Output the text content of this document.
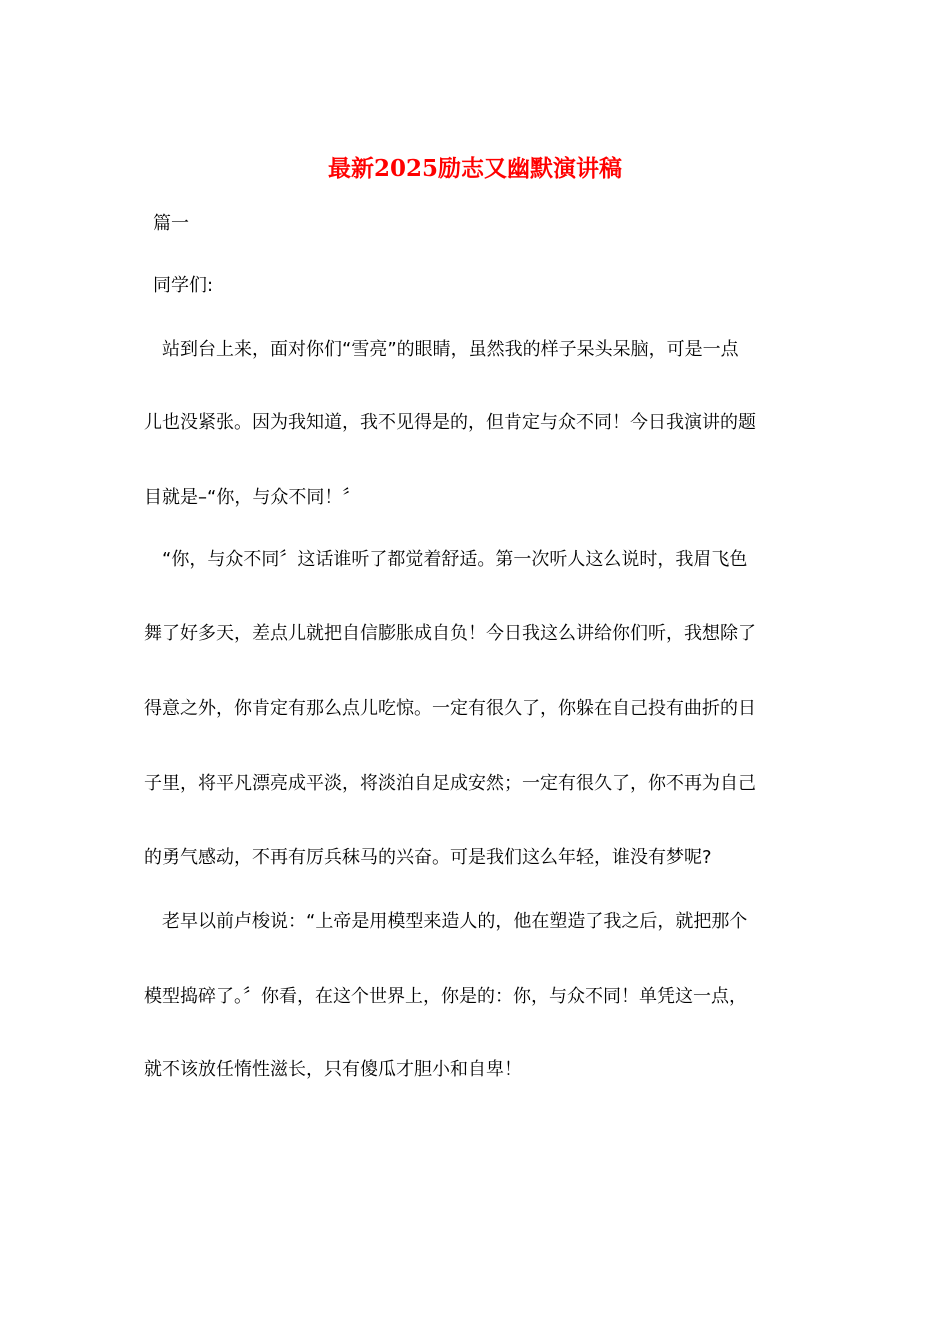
最新2025励志又幽默演讲稿

篇一

同学们:

站到台上来，面对你们“雪亮”的眼睛，虽然我的样子呆头呆脑，可是一点

儿也没紧张。因为我知道，我不见得是的，但肯定与众不同！今日我演讲的题

目就是–“你，与众不同！〞

“你，与众不同〞这话谁听了都觉着舒适。第一次听人这么说时，我眉飞色

舞了好多天，差点儿就把自信膨胀成自负！今日我这么讲给你们听，我想除了

得意之外，你肯定有那么点儿吃惊。一定有很久了，你躲在自己投有曲折的日

子里，将平凡漂亮成平淡，将淡泊自足成安然；一定有很久了，你不再为自己

的勇气感动，不再有厉兵秣马的兴奋。可是我们这么年轻，谁没有梦呢?

老早以前卢梭说：“上帝是用模型来造人的，他在塑造了我之后，就把那个

模型捣碎了。〞你看，在这个世界上，你是的：你，与众不同！单凭这一点，

就不该放任惰性滋长，只有傻瓜才胆小和自卑！
